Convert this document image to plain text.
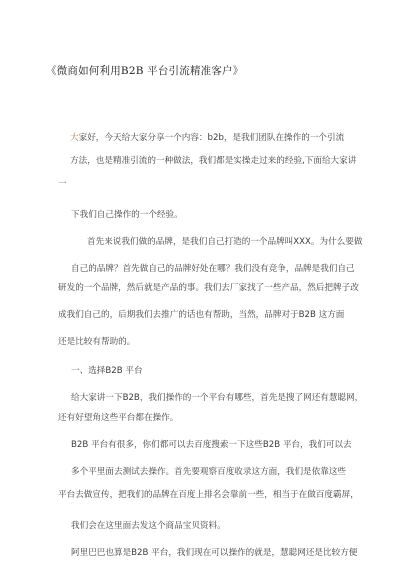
《微商如何利用B2B 平台引流精准客户》
大家好，今天给大家分享一个内容：b2b，是我们团队在操作的一个引流
方法，也是精准引流的一种做法，我们都是实操走过来的经验,下面给大家讲
一
下我们自己操作的一个经验。
首先来说我们做的品牌，是我们自己打造的一个品牌叫XXX。为什么要做
自己的品牌？首先做自己的品牌好处在哪？我们没有竞争，品牌是我们自己
研发的一个品牌，然后就是产品的事。我们去厂家找了一些产品，然后把牌子改
成我们自己的，后期我们去推广的话也有帮助，当然，品牌对于B2B 这方面
还是比较有帮助的。
一、选择B2B 平台
给大家讲一下B2B，我们操作的一个平台有哪些，首先是搜了网还有慧聪网，
还有好望角这些平台都在操作。
B2B 平台有很多，你们都可以去百度搜索一下这些B2B 平台，我们可以去
多个平里面去测试去操作。首先要观察百度收录这方面，我们是依靠这些
平台去做宣传，把我们的品牌在百度上排名会靠前一些，相当于在做百度霸屏，
我们会在这里面去发这个商品宝贝资料。
阿里巴巴也算是B2B 平台，我们现在可以操作的就是，慧聪网还是比较方便
